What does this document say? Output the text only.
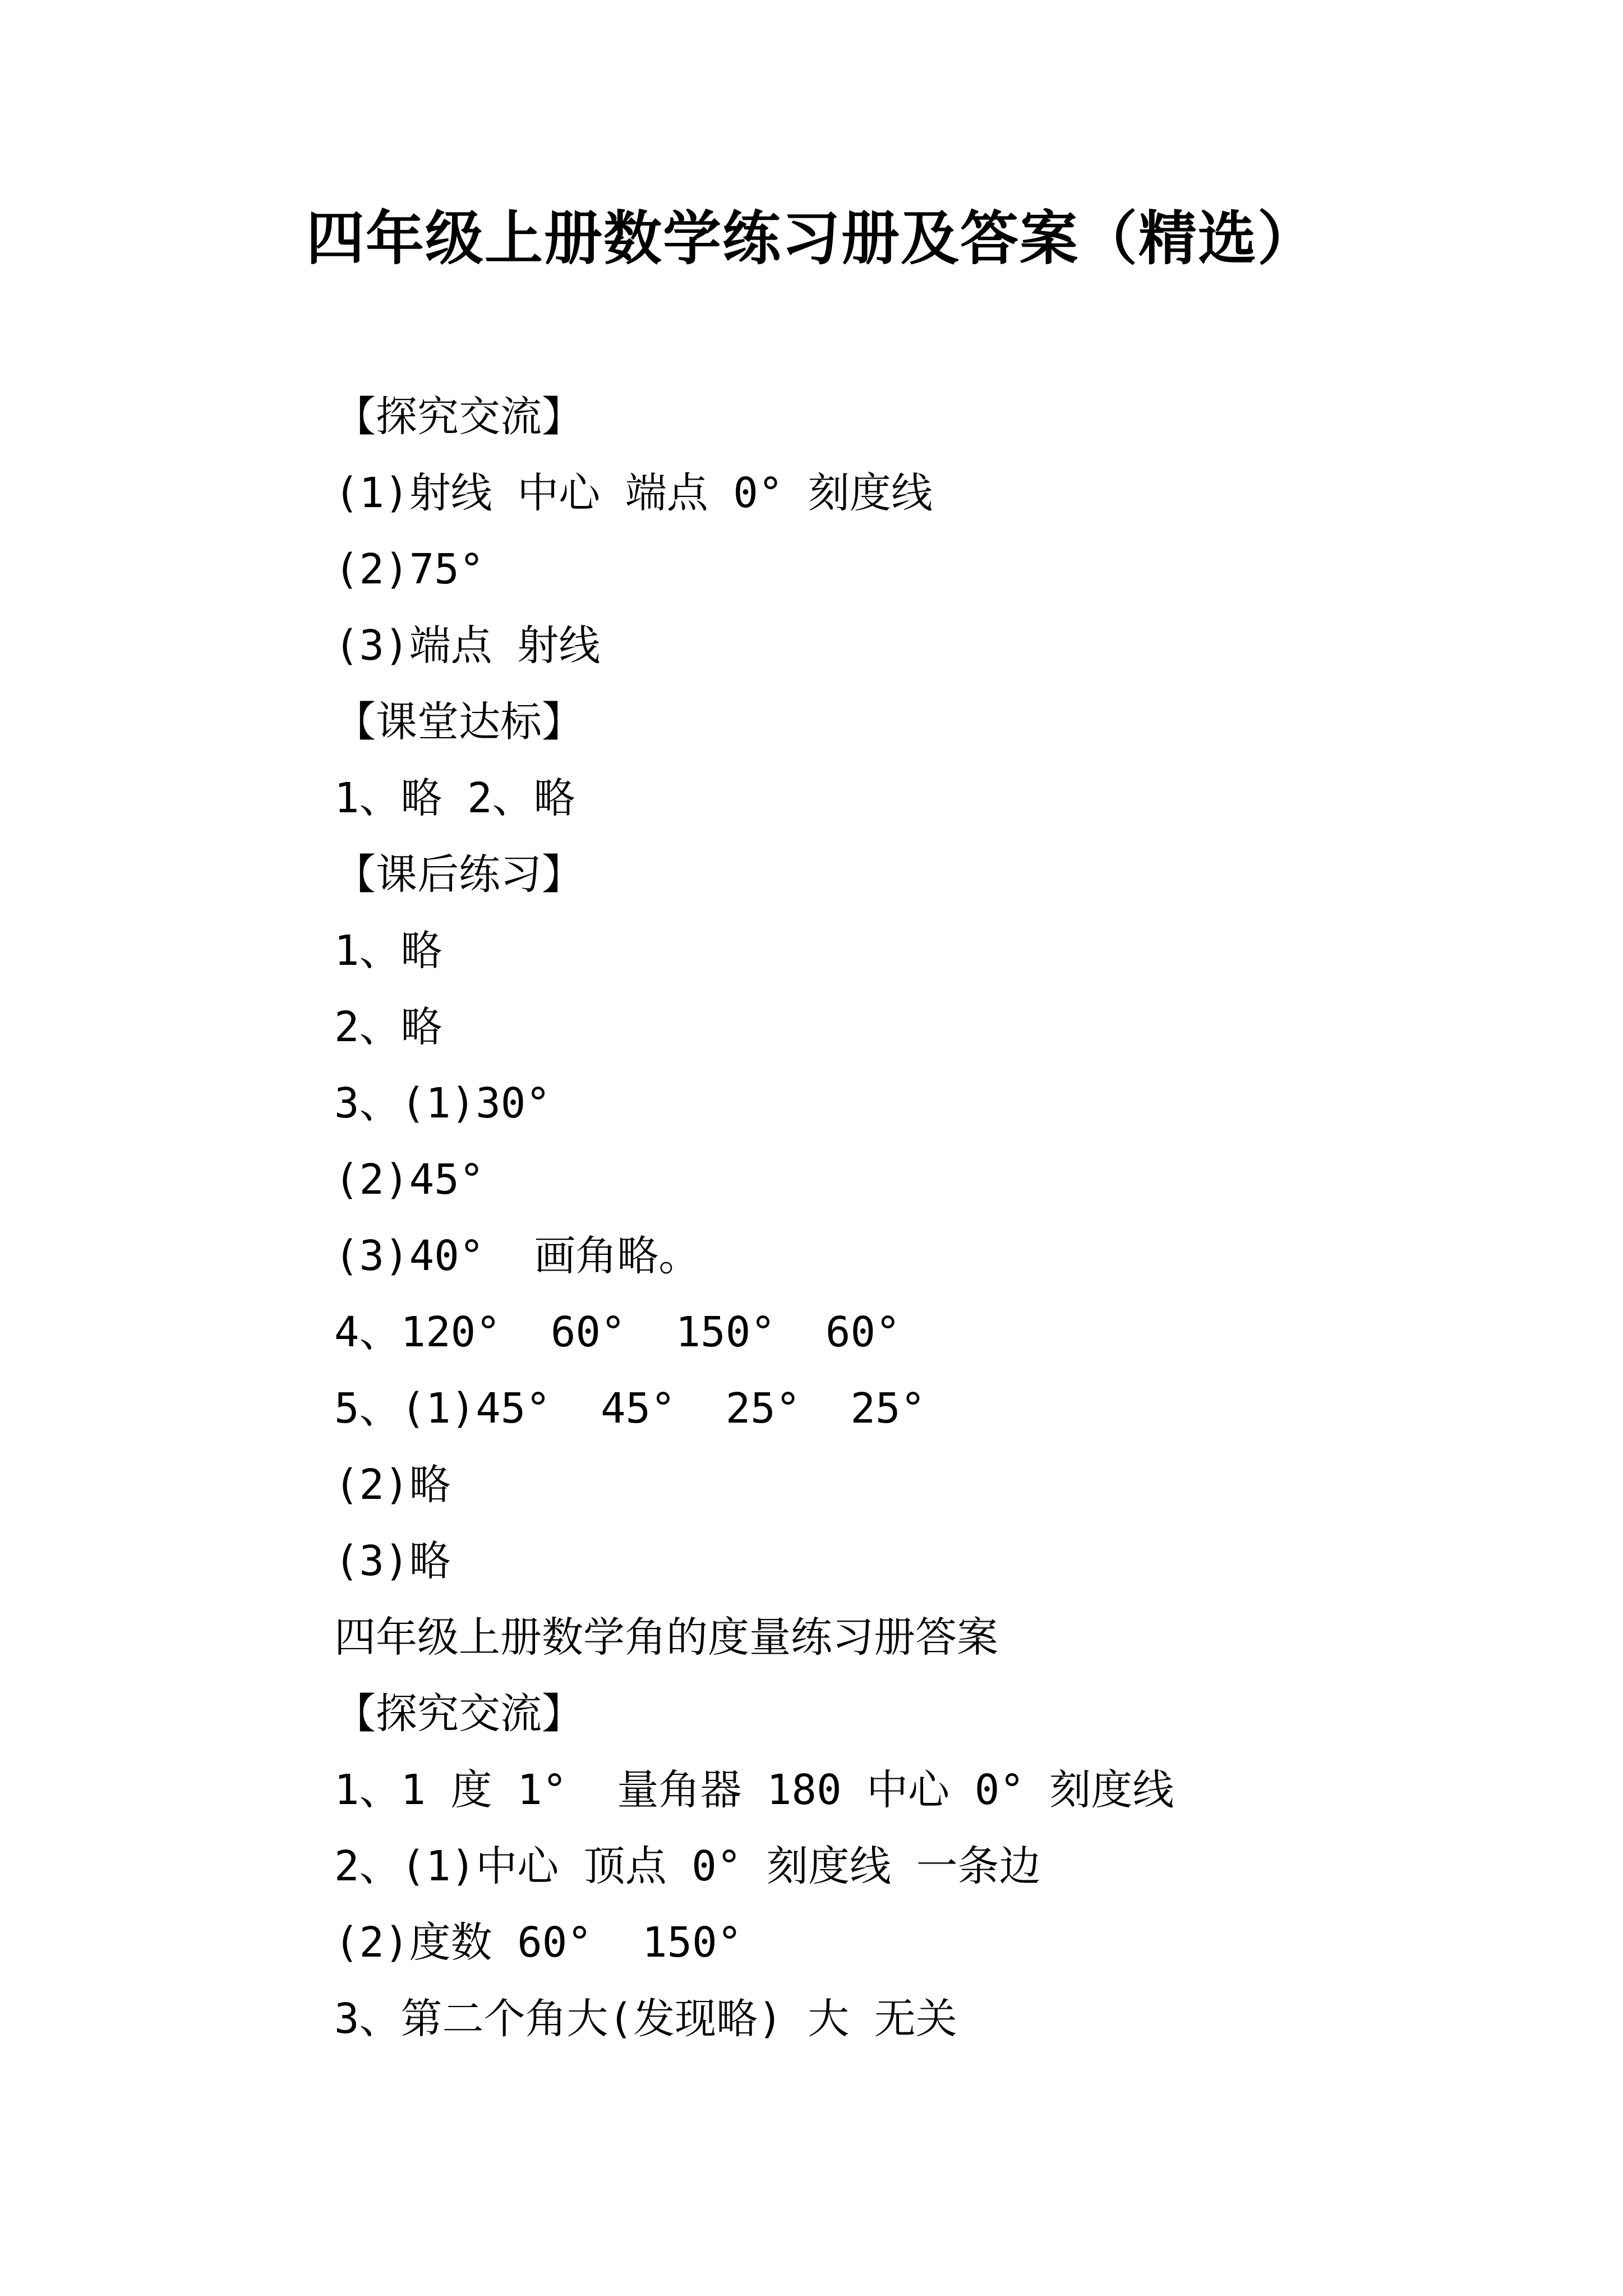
四年级上册数学练习册及答案（精选）
【探究交流】
(1)射线 中心 端点 0° 刻度线
(2)75°
(3)端点 射线
【课堂达标】
1、略 2、略
【课后练习】
1、略
2、略
3、(1)30°
(2)45°
(3)40°  画角略。
4、120°  60°  150°  60°
5、(1)45°  45°  25°  25°
(2)略
(3)略
四年级上册数学角的度量练习册答案
【探究交流】
1、1 度 1°  量角器 180 中心 0° 刻度线
2、(1)中心 顶点 0° 刻度线 一条边
(2)度数 60°  150°
3、第二个角大(发现略) 大 无关
